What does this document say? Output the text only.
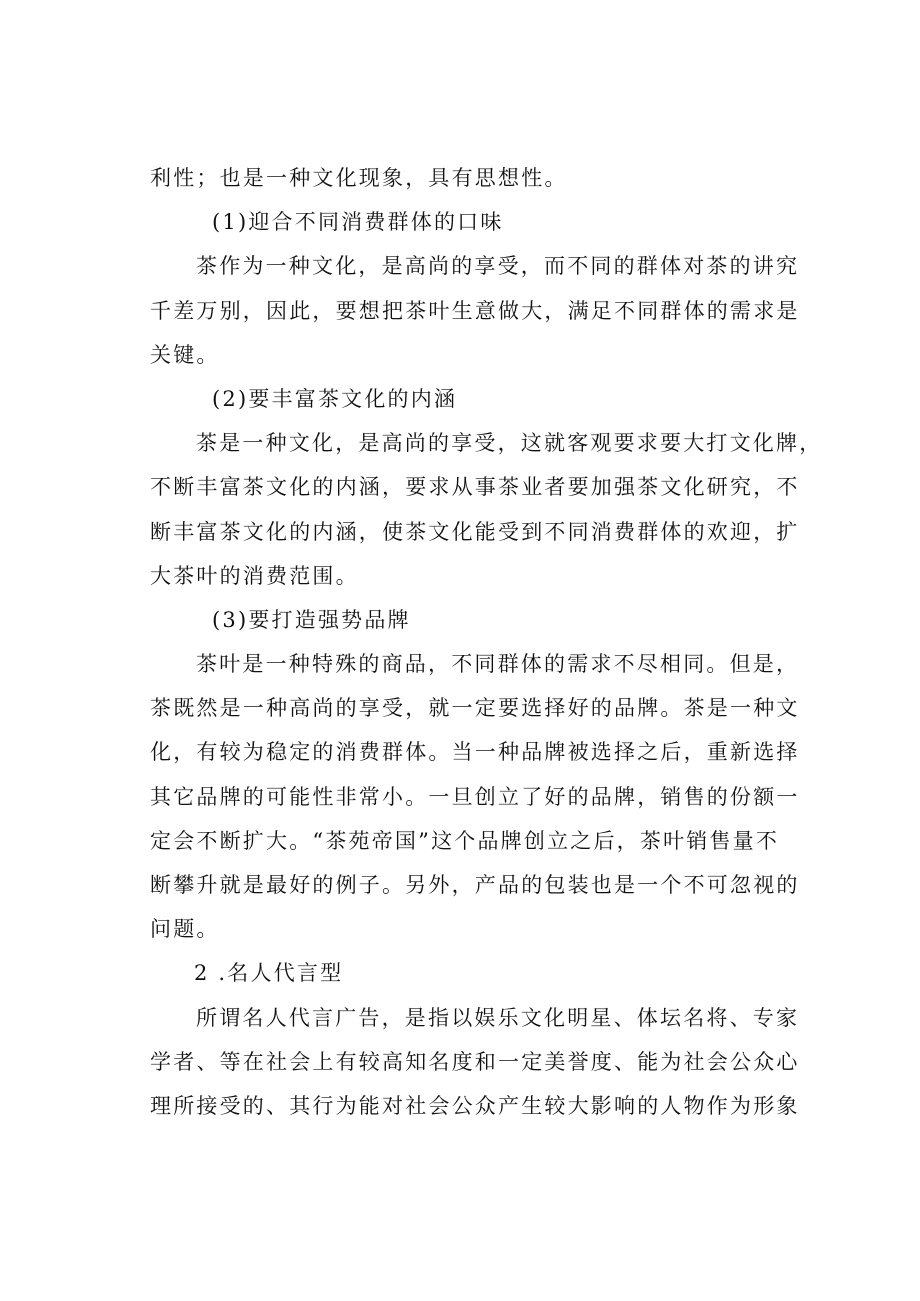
利性；也是一种文化现象，具有思想性。
(1)迎合不同消费群体的口味
茶作为一种文化，是高尚的享受，而不同的群体对茶的讲究
千差万别，因此，要想把茶叶生意做大，满足不同群体的需求是
关键。
(2)要丰富茶文化的内涵
茶是一种文化，是高尚的享受，这就客观要求要大打文化牌，
不断丰富茶文化的内涵，要求从事茶业者要加强茶文化研究，不
断丰富茶文化的内涵，使茶文化能受到不同消费群体的欢迎，扩
大茶叶的消费范围。
(3)要打造强势品牌
茶叶是一种特殊的商品，不同群体的需求不尽相同。但是，
茶既然是一种高尚的享受，就一定要选择好的品牌。茶是一种文
化，有较为稳定的消费群体。当一种品牌被选择之后，重新选择
其它品牌的可能性非常小。一旦创立了好的品牌，销售的份额一
定会不断扩大。“茶苑帝国”这个品牌创立之后，茶叶销售量不
断攀升就是最好的例子。另外，产品的包装也是一个不可忽视的
问题。
2 .名人代言型
所谓名人代言广告，是指以娱乐文化明星、体坛名将、专家
学者、等在社会上有较高知名度和一定美誉度、能为社会公众心
理所接受的、其行为能对社会公众产生较大影响的人物作为形象
